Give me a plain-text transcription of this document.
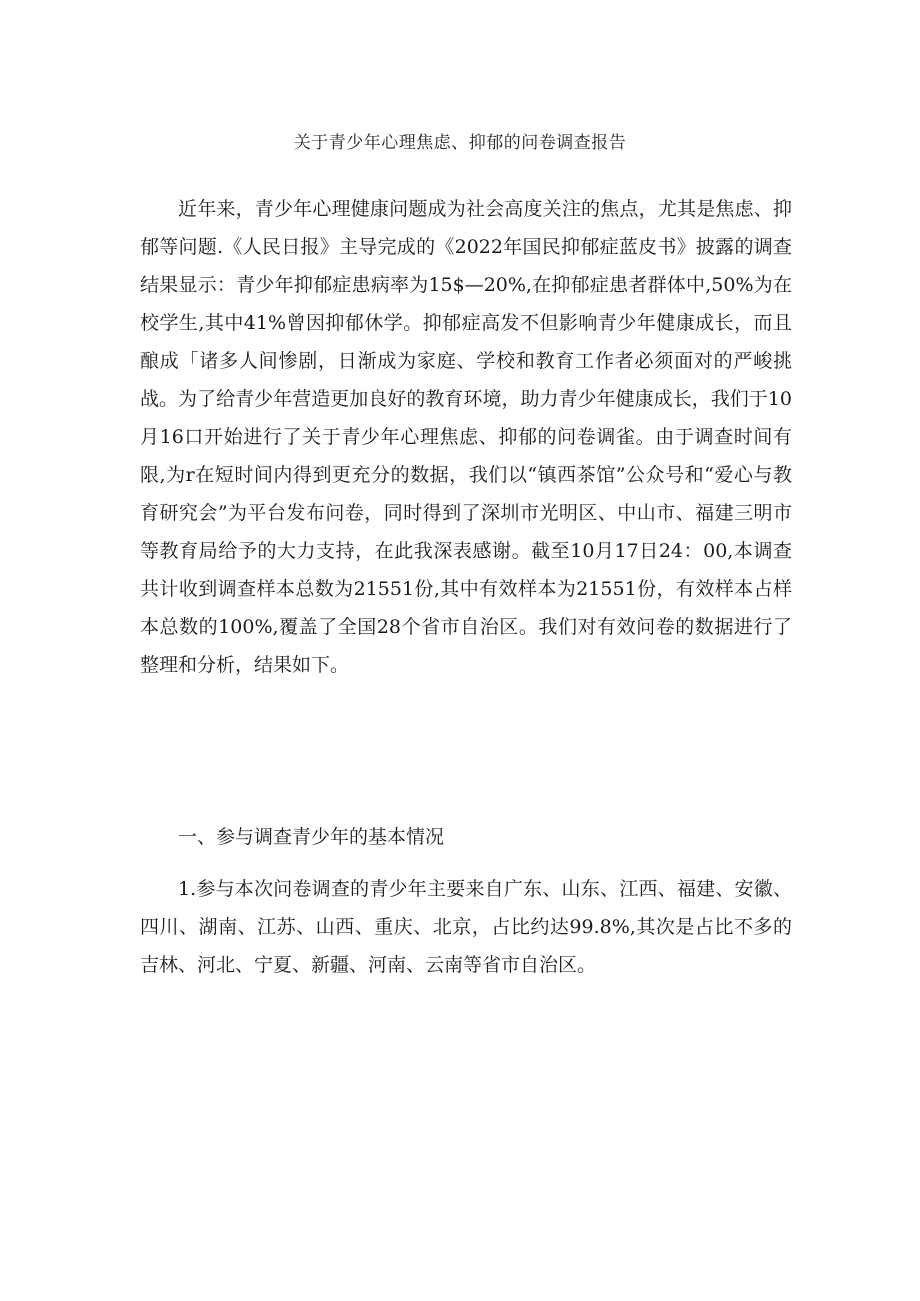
关于青少年心理焦虑、抑郁的问卷调查报告

近年来，青少年心理健康问题成为社会高度关注的焦点，尤其是焦虑、抑郁等问题.《人民日报》主导完成的《2022年国民抑郁症蓝皮书》披露的调查结果显示：青少年抑郁症患病率为15$—20%,在抑郁症患者群体中,50%为在校学生,其中41%曾因抑郁休学。抑郁症高发不但影响青少年健康成长，而且酿成「诸多人间惨剧，日渐成为家庭、学校和教育工作者必须面对的严峻挑战。为了给青少年营造更加良好的教育环境，助力青少年健康成长，我们于10月16口开始进行了关于青少年心理焦虑、抑郁的问卷调雀。由于调查时间有限,为r在短时间内得到更充分的数据，我们以“镇西茶馆”公众号和“爱心与教育研究会”为平台发布问卷，同时得到了深圳市光明区、中山市、福建三明市等教育局给予的大力支持，在此我深表感谢。截至10月17日24：00,本调查共计收到调查样本总数为21551份,其中有效样本为21551份，有效样本占样本总数的100%,覆盖了全国28个省市自治区。我们对有效问卷的数据进行了整理和分析，结果如下。

一、参与调查青少年的基本情况

1.参与本次问卷调查的青少年主要来自广东、山东、江西、福建、安徽、四川、湖南、江苏、山西、重庆、北京，占比约达99.8%,其次是占比不多的吉林、河北、宁夏、新疆、河南、云南等省市自治区。
